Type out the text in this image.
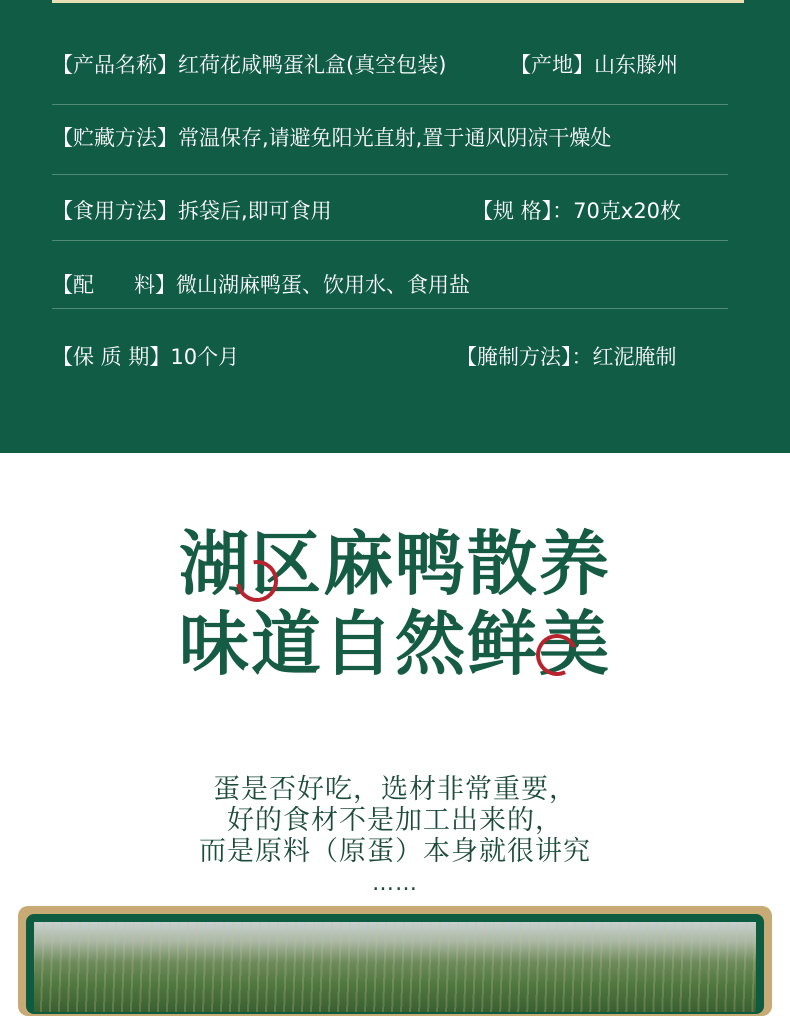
【产品名称】红荷花咸鸭蛋礼盒(真空包装)	【产地】山东滕州
【贮藏方法】常温保存,请避免阳光直射,置于通风阴凉干燥处
【食用方法】拆袋后,即可食用	【规 格】：70克x20枚
【配 料】微山湖麻鸭蛋、饮用水、食用盐
【保 质 期】10个月	【腌制方法】：红泥腌制
湖区麻鸭散养
味道自然鲜美
蛋是否好吃，选材非常重要，
好的食材不是加工出来的，
而是原料（原蛋）本身就很讲究
……
